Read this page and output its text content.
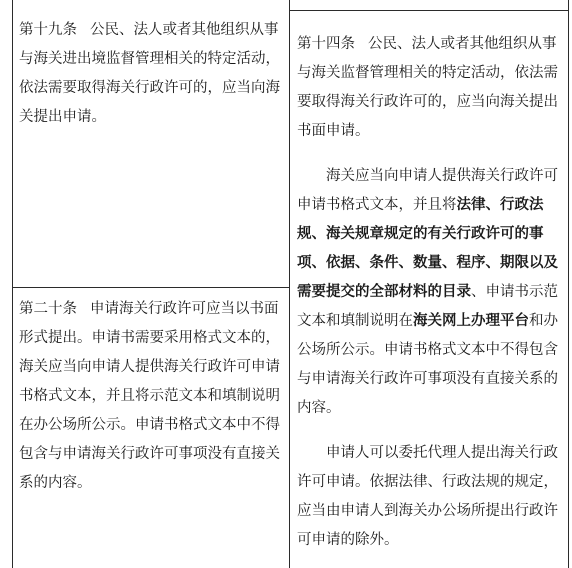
第十九条 公民、法人或者其他组织从事与海关进出境监督管理相关的特定活动，依法需要取得海关行政许可的，应当向海关提出申请。

第二十条 申请海关行政许可应当以书面形式提出。申请书需要采用格式文本的，海关应当向申请人提供海关行政许可申请书格式文本，并且将示范文本和填制说明在办公场所公示。申请书格式文本中不得包含与申请海关行政许可事项没有直接关系的内容。

第十四条 公民、法人或者其他组织从事与海关监督管理相关的特定活动，依法需要取得海关行政许可的，应当向海关提出书面申请。

海关应当向申请人提供海关行政许可申请书格式文本，并且将法律、行政法规、海关规章规定的有关行政许可的事项、依据、条件、数量、程序、期限以及需要提交的全部材料的目录、申请书示范文本和填制说明在海关网上办理平台和办公场所公示。申请书格式文本中不得包含与申请海关行政许可事项没有直接关系的内容。

申请人可以委托代理人提出海关行政许可申请。依据法律、行政法规的规定，应当由申请人到海关办公场所提出行政许可申请的除外。
